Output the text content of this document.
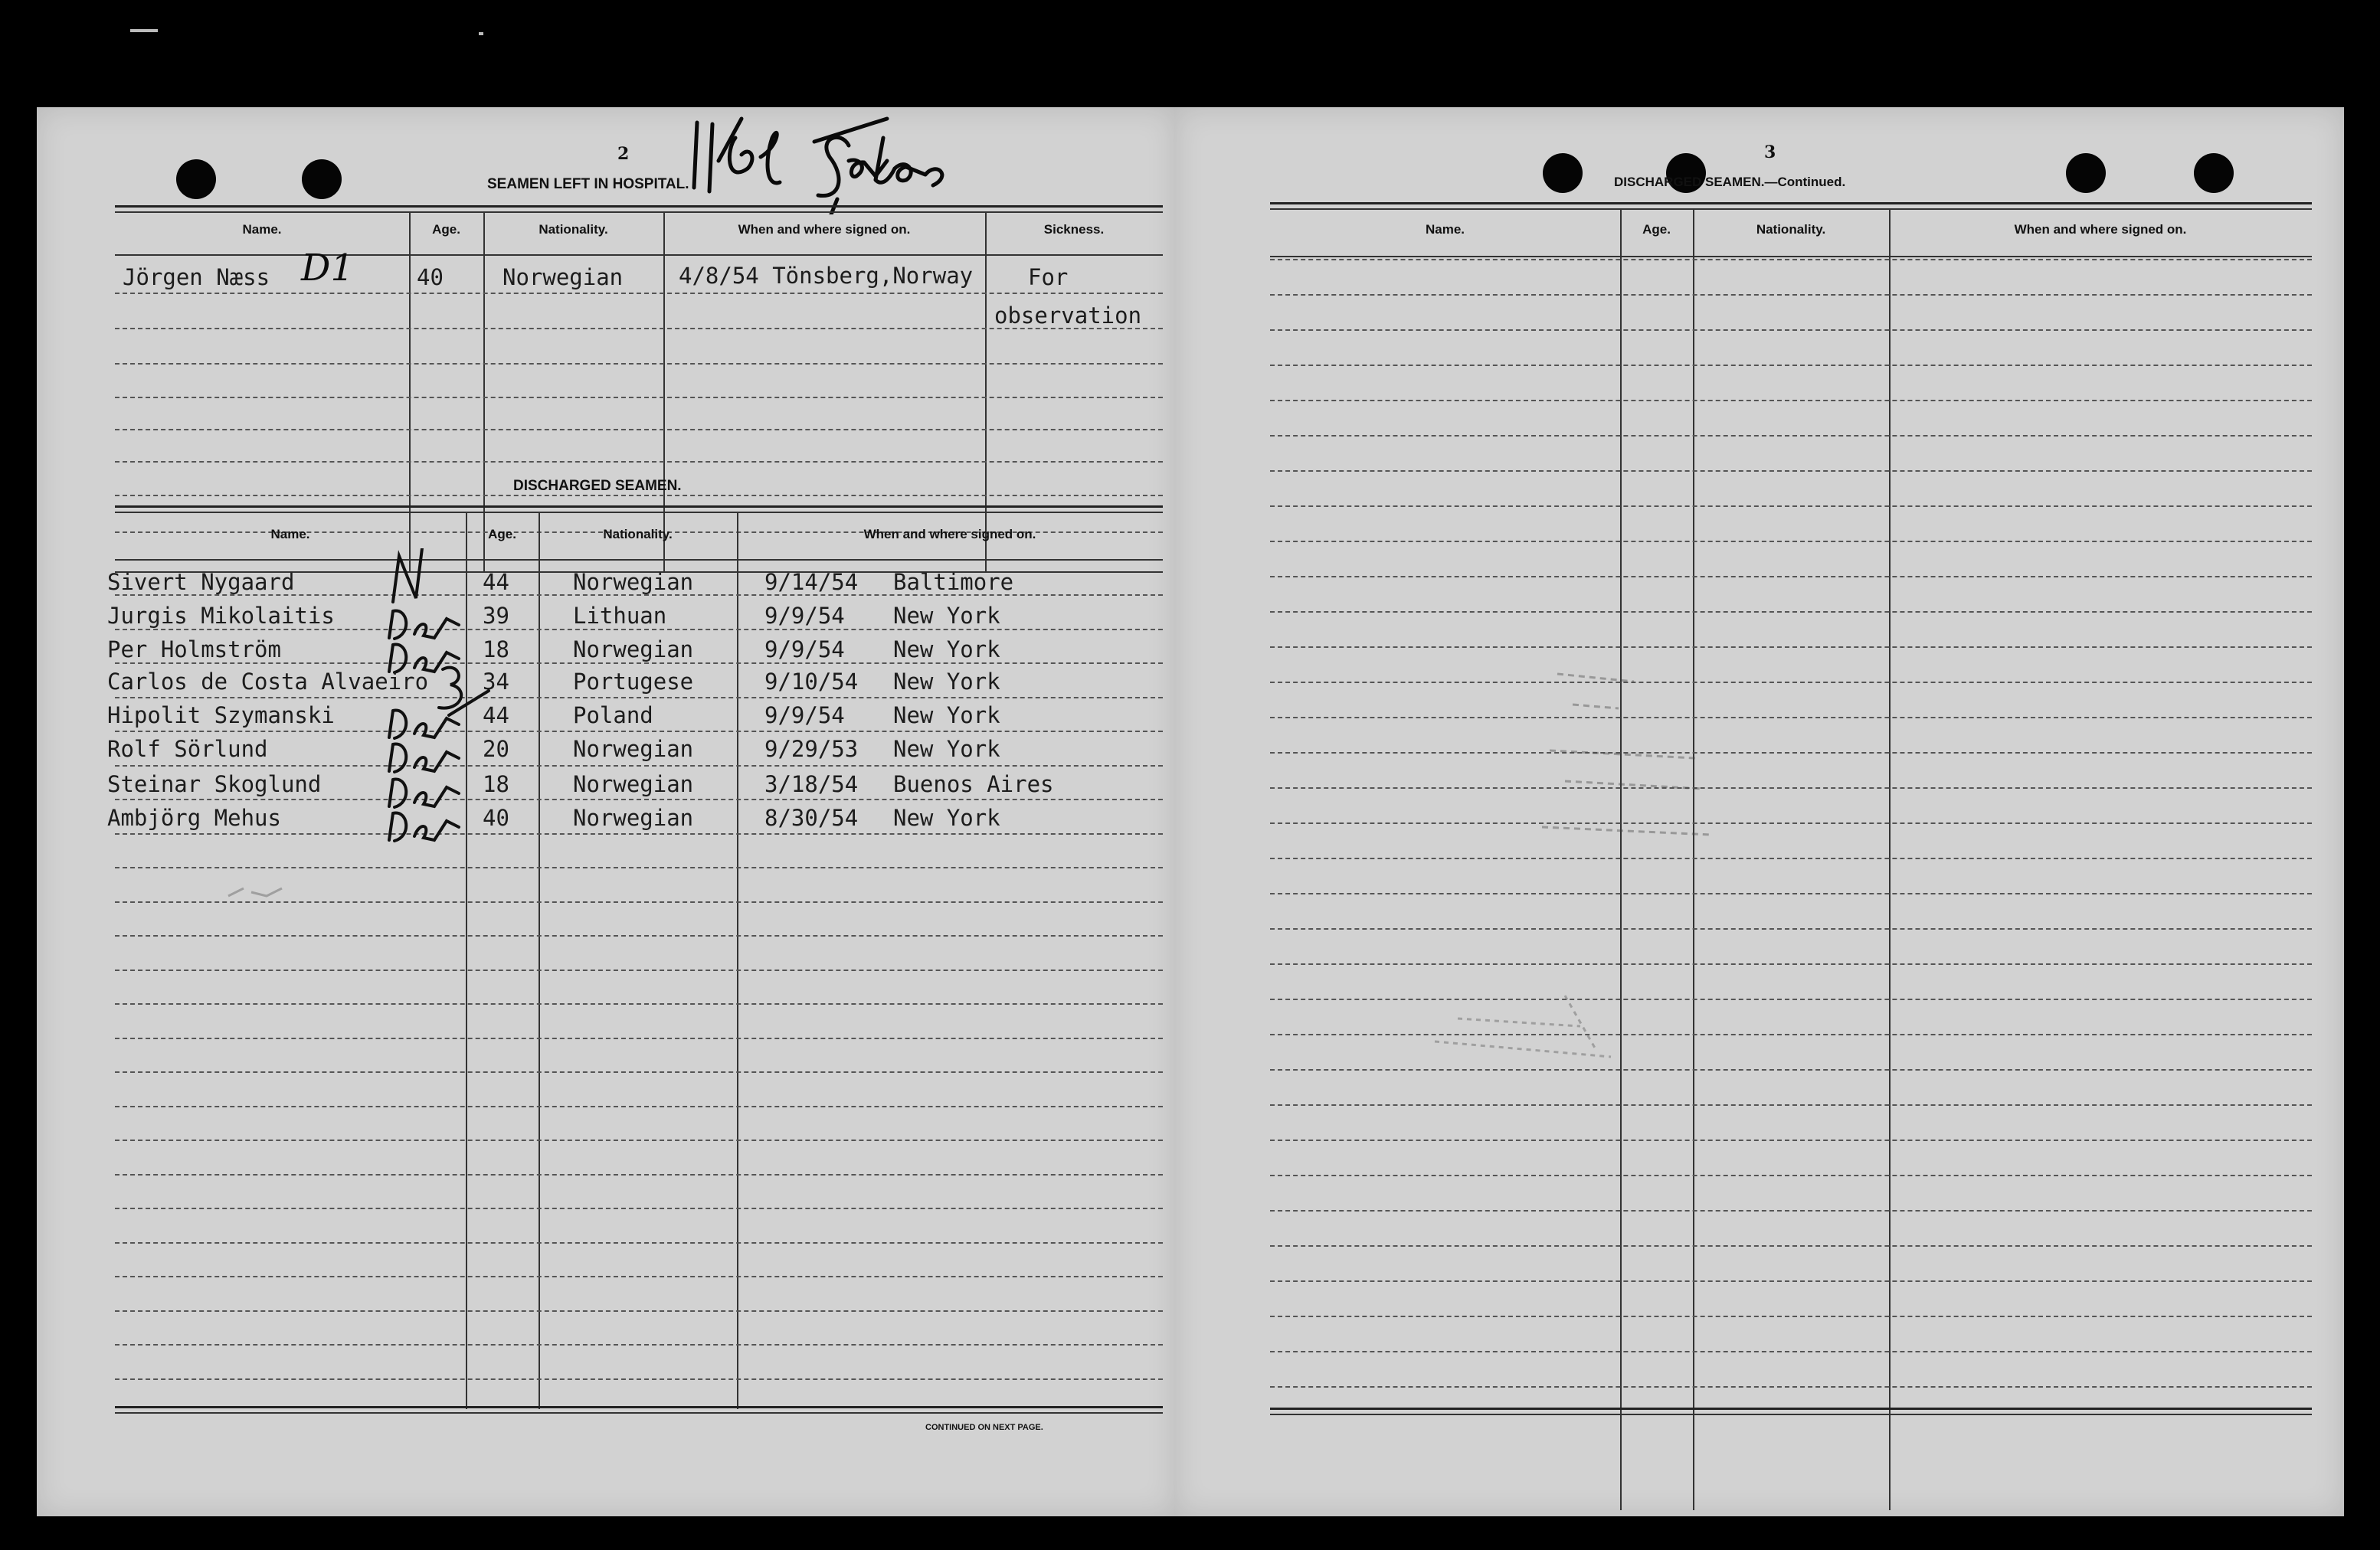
2
SEAMEN LEFT IN HOSPITAL.
Name.	Age.	Nationality.	When and where signed on.	Sickness.
Jörgen Næss D1	40	Norwegian	4/8/54 Tönsberg,Norway For
observation
DISCHARGED SEAMEN.
Name.	Age.	Nationality.	When and where signed on.
Sivert Nygaard	44	Norwegian	9/14/54 Baltimore
Jurgis Mikolaitis	39	Lithuan	9/9/54 New York
Per Holmström	18	Norwegian	9/9/54 New York
Carlos de Costa Alvaeiro 34	Portugese	9/10/54 New York
Hipolit Szymanski	44	Poland	9/9/54 New York
Rolf Sörlund	20	Norwegian	9/29/53 New York
Steinar Skoglund	18	Norwegian	3/18/54 Buenos Aires
Ambjörg Mehus	40	Norwegian	8/30/54 New York
CONTINUED ON NEXT PAGE.
3
DISCHARGED SEAMEN.—Continued.
Name.	Age.	Nationality.	When and where signed on.
